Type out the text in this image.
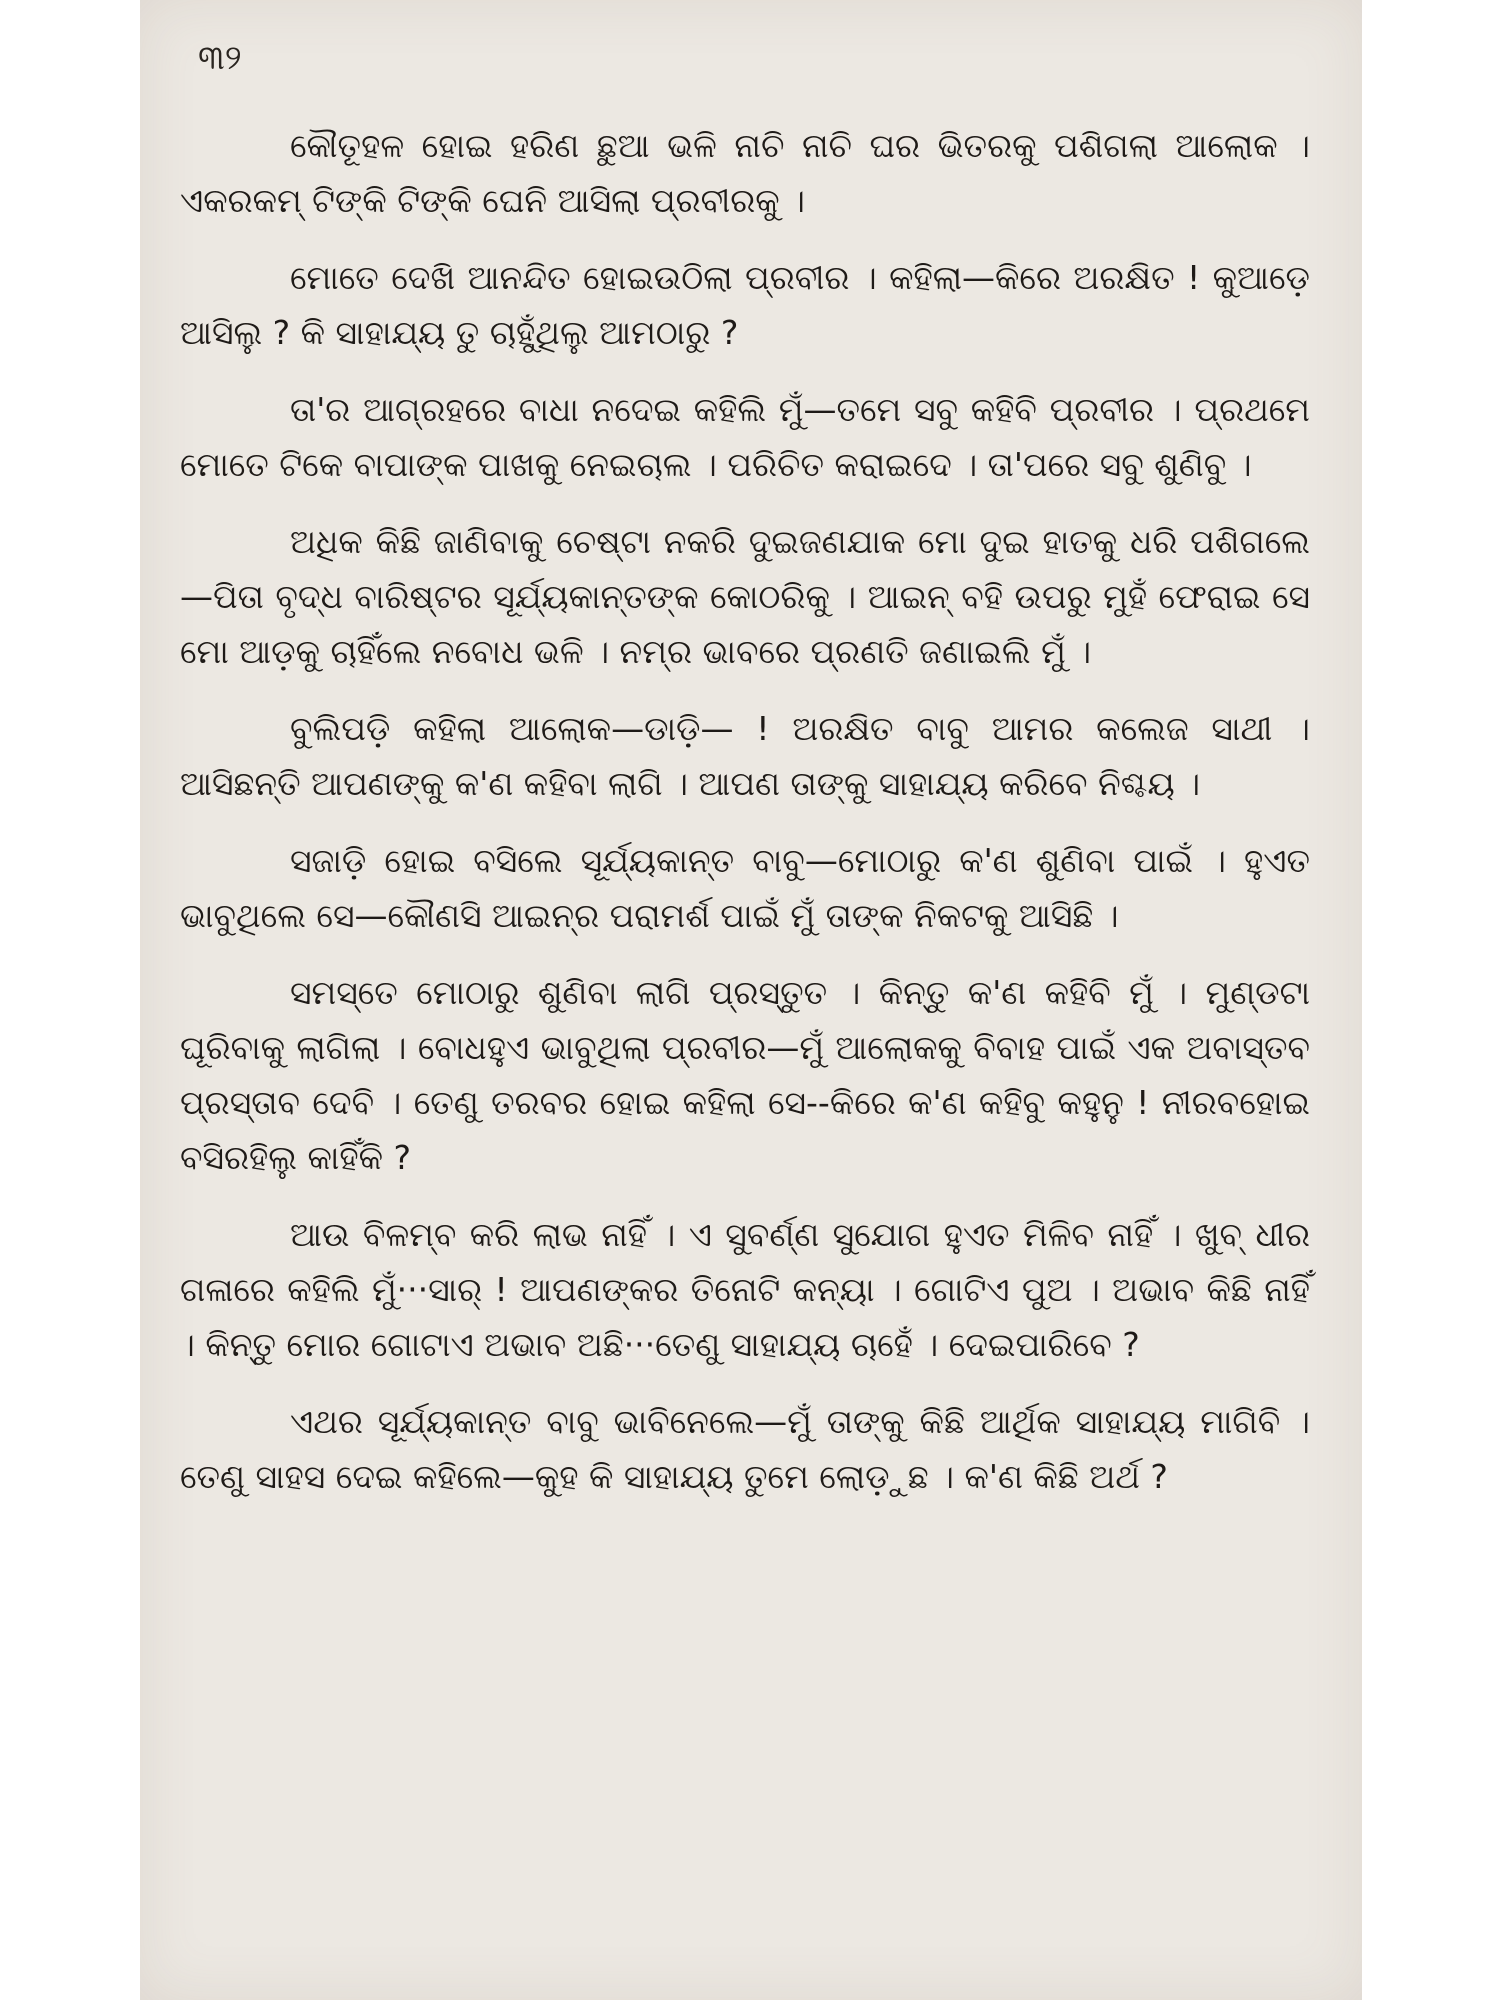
୩୨

କୌତୂହଳ ହୋଇ ହରିଣ ଛୁଆ ଭଳି ନାଚି ନାଚି ଘର ଭିତରକୁ ପଶିଗଲା ଆଲୋକ । ଏକରକମ୍ ଟିଙ୍କି ଟିଙ୍କି ଘେନି ଆସିଲା ପ୍ରବୀରକୁ ।

ମୋତେ ଦେଖି ଆନନ୍ଦିତ ହୋଇଉଠିଲା ପ୍ରବୀର । କହିଲା—କିରେ ଅରକ୍ଷିତ ! କୁଆଡ଼େ ଆସିଲୁ ? କି ସାହାଯ୍ୟ ତୁ ଚାହୁଁଥିଲୁ ଆମଠାରୁ ?

ତା'ର ଆଗ୍ରହରେ ବାଧା ନଦେଇ କହିଲି ମୁଁ—ତମେ ସବୁ କହିବି ପ୍ରବୀର । ପ୍ରଥମେ ମୋତେ ଟିକେ ବାପାଙ୍କ ପାଖକୁ ନେଇଚାଲ । ପରିଚିତ କରାଇଦେ । ତା'ପରେ ସବୁ ଶୁଣିବୁ ।

ଅଧିକ କିଛି ଜାଣିବାକୁ ଚେଷ୍ଟା ନକରି ଦୁଇଜଣଯାକ ମୋ ଦୁଇ ହାତକୁ ଧରି ପଶିଗଲେ—ପିତା ବୃଦ୍ଧ ବାରିଷ୍ଟର ସୂର୍ଯ୍ୟକାନ୍ତଙ୍କ କୋଠରିକୁ । ଆଇନ୍ ବହି ଉପରୁ ମୁହଁ ଫେରାଇ ସେ ମୋ ଆଡ଼କୁ ଚାହିଁଲେ ନବୋଧ ଭଳି । ନମ୍ର ଭାବରେ ପ୍ରଣତି ଜଣାଇଲି ମୁଁ ।

ବୁଲିପଡ଼ି କହିଲା ଆଲୋକ—ଡାଡ଼ି— ! ଅରକ୍ଷିତ ବାବୁ ଆମର କଲେଜ ସାଥୀ । ଆସିଛନ୍ତି ଆପଣଙ୍କୁ କ'ଣ କହିବା ଲାଗି । ଆପଣ ତାଙ୍କୁ ସାହାଯ୍ୟ କରିବେ ନିଶ୍ଚୟ ।

ସଜାଡ଼ି ହୋଇ ବସିଲେ ସୂର୍ଯ୍ୟକାନ୍ତ ବାବୁ—ମୋଠାରୁ କ'ଣ ଶୁଣିବା ପାଇଁ । ହୁଏତ ଭାବୁଥିଲେ ସେ—କୌଣସି ଆଇନ୍‌ର ପରାମର୍ଶ ପାଇଁ ମୁଁ ତାଙ୍କ ନିକଟକୁ ଆସିଛି ।

ସମସ୍ତେ ମୋଠାରୁ ଶୁଣିବା ଲାଗି ପ୍ରସ୍ତୁତ । କିନ୍ତୁ କ'ଣ କହିବି ମୁଁ । ମୁଣ୍ଡଟା ଘୂରିବାକୁ ଲାଗିଲା । ବୋଧହୁଏ ଭାବୁଥିଲା ପ୍ରବୀର—ମୁଁ ଆଲୋକକୁ ବିବାହ ପାଇଁ ଏକ ଅବାସ୍ତବ ପ୍ରସ୍ତାବ ଦେବି । ତେଣୁ ତରବର ହୋଇ କହିଲା ସେ--କିରେ କ'ଣ କହିବୁ କହୁନୁ ! ନୀରବହୋଇ ବସିରହିଲୁ କାହିଁକି ?

ଆଉ ବିଳମ୍ବ କରି ଲାଭ ନାହିଁ । ଏ ସୁବର୍ଣ୍ଣ ସୁଯୋଗ ହୁଏତ ମିଳିବ ନାହିଁ । ଖୁବ୍ ଧୀର ଗଳାରେ କହିଲି ମୁଁ···ସାର୍ ! ଆପଣଙ୍କର ତିନୋଟି କନ୍ୟା । ଗୋଟିଏ ପୁଅ । ଅଭାବ କିଛି ନାହିଁ । କିନ୍ତୁ ମୋର ଗୋଟାଏ ଅଭାବ ଅଛି···ତେଣୁ ସାହାଯ୍ୟ ଚାହେଁ । ଦେଇପାରିବେ ?

ଏଥର ସୂର୍ଯ୍ୟକାନ୍ତ ବାବୁ ଭାବିନେଲେ—ମୁଁ ତାଙ୍କୁ କିଛି ଆର୍ଥିକ ସାହାଯ୍ୟ ମାଗିବି । ତେଣୁ ସାହସ ଦେଇ କହିଲେ—କୁହ କି ସାହାଯ୍ୟ ତୁମେ ଲୋଡ଼ୁଛ । କ'ଣ କିଛି ଅର୍ଥ ?
